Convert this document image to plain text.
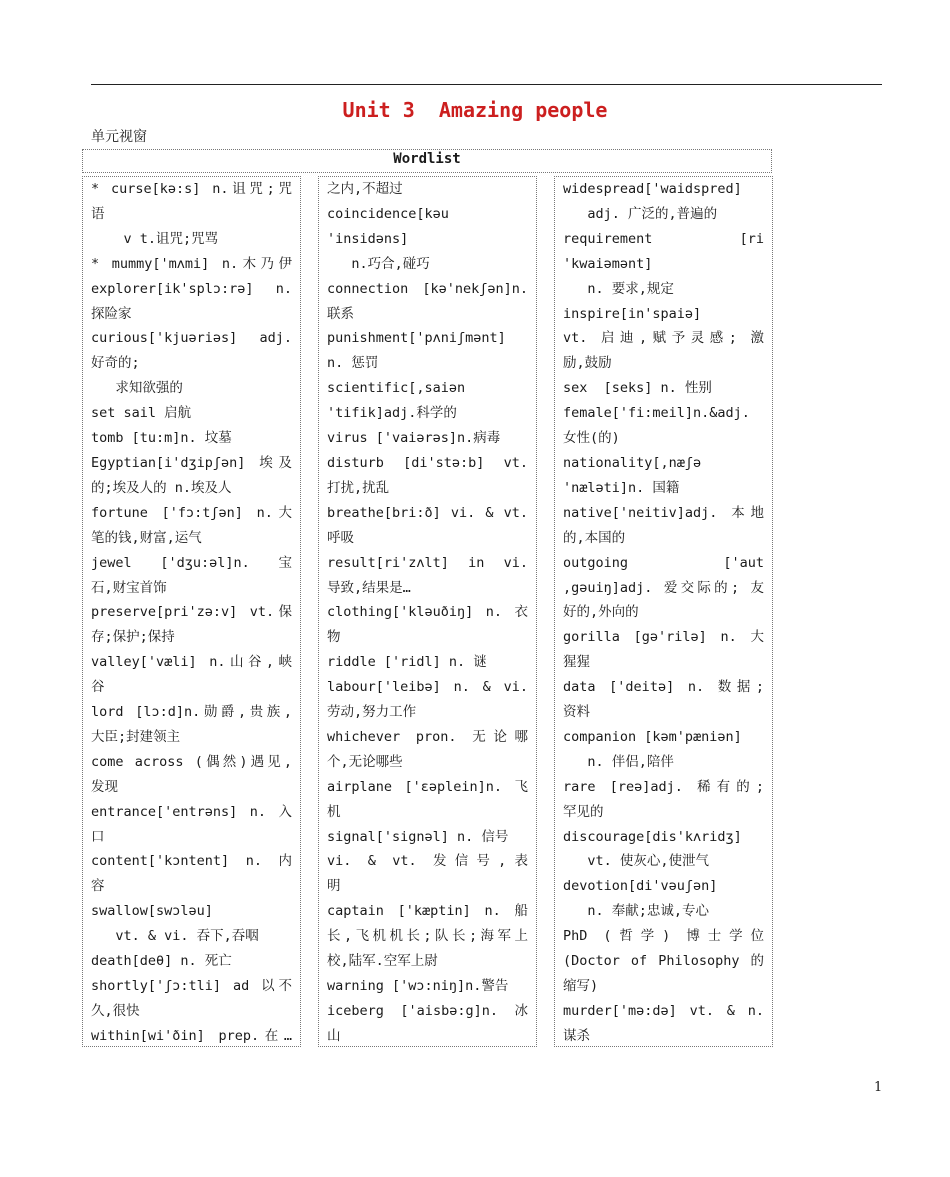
Unit 3  Amazing people
单元视窗
Wordlist
* curse[kə:s] n.诅咒;咒
语
v t.诅咒;咒骂
* mummy['mʌmi] n.木乃伊
explorer[ik'splɔ:rə] n.
探险家
curious['kjuəriəs] adj.
好奇的;
求知欲强的
set sail 启航
tomb [tu:m]n. 坟墓
Egyptian[i'dʒipʃən] 埃及
的;埃及人的 n.埃及人
fortune ['fɔ:tʃən] n.大
笔的钱,财富,运气
jewel ['dʒu:əl]n. 宝
石,财宝首饰
preserve[pri'zə:v] vt.保
存;保护;保持
valley['væli] n.山谷,峡
谷
lord [lɔ:d]n.勋爵,贵族,
大臣;封建领主
come across (偶然)遇见,
发现
entrance['entrəns] n. 入
口
content['kɔntent] n. 内
容
swallow[swɔləu]
vt. & vi. 吞下,吞咽
death[deθ] n. 死亡
shortly['ʃɔ:tli] ad 以不
久,很快
within[wi'ðin] prep.在…
之内,不超过
coincidence[kəu
'insidəns]
n.巧合,碰巧
connection [kə'nekʃən]n.
联系
punishment['pʌniʃmənt]
n. 惩罚
scientific[,saiən
'tifik]adj.科学的
virus ['vaiərəs]n.病毒
disturb [di'stə:b] vt.
打扰,扰乱
breathe[bri:ð] vi. & vt.
呼吸
result[ri'zʌlt] in vi.
导致,结果是…
clothing['kləuðiŋ] n. 衣
物
riddle ['ridl] n. 谜
labour['leibə] n. & vi.
劳动,努力工作
whichever pron. 无论哪
个,无论哪些
airplane ['ɛəplein]n. 飞
机
signal['signəl] n. 信号
vi. & vt. 发信号,表
明
captain ['kæptin] n. 船
长,飞机机长;队长;海军上
校,陆军.空军上尉
warning ['wɔ:niŋ]n.警告
iceberg ['aisbə:g]n. 冰
山
widespread['waidspred]
adj. 广泛的,普遍的
requirement [ri
'kwaiəmənt]
n. 要求,规定
inspire[in'spaiə]
vt. 启迪,赋予灵感; 激
励,鼓励
sex  [seks] n. 性别
female['fi:meil]n.&adj.
女性(的)
nationality[,næʃə
'nælәti]n. 国籍
native['neitiv]adj. 本地
的,本国的
outgoing ['aut
,gəuiŋ]adj. 爱交际的; 友
好的,外向的
gorilla [gə'rilə] n. 大
猩猩
data ['deitə] n. 数据;
资料
companion [kəm'pæniən]
n. 伴侣,陪伴
rare [reə]adj. 稀有的;
罕见的
discourage[dis'kʌridʒ]
vt. 使灰心,使泄气
devotion[di'vəuʃən]
n. 奉献;忠诚,专心
PhD (哲学) 博士学位
(Doctor of Philosophy 的
缩写)
murder['mə:də] vt. & n.
谋杀
1
